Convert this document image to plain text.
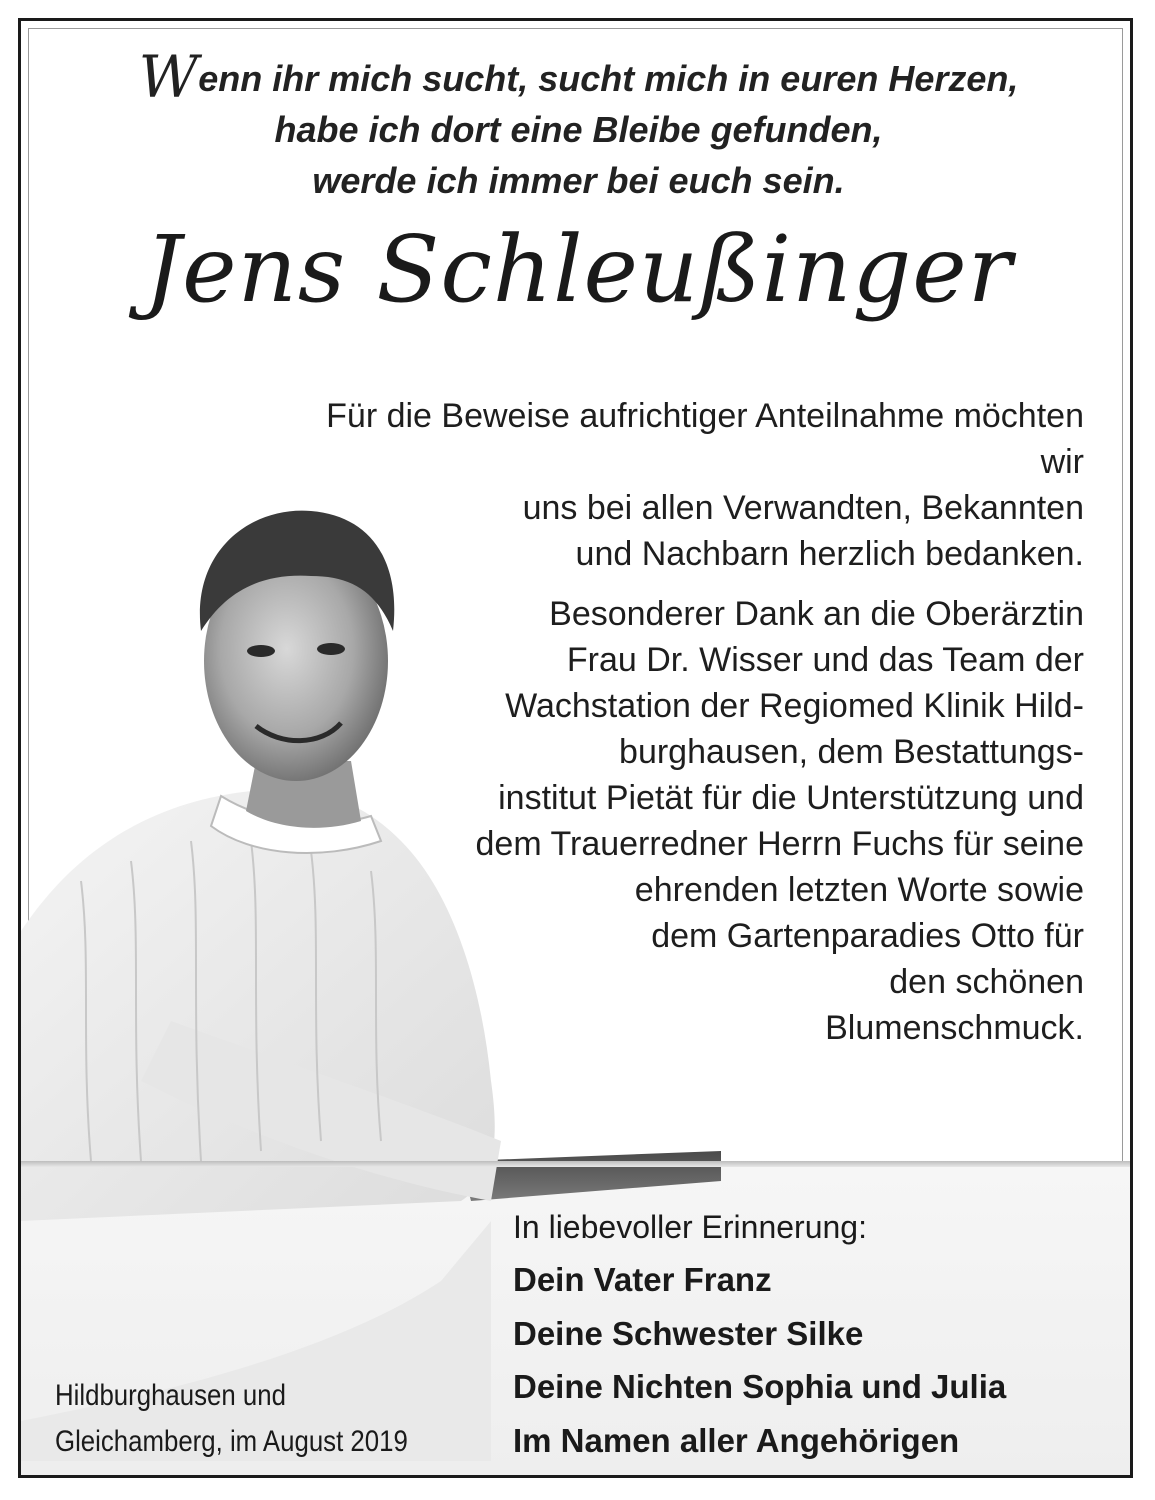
Wenn ihr mich sucht, sucht mich in euren Herzen,
habe ich dort eine Bleibe gefunden,
werde ich immer bei euch sein.
Jens Schleußinger

Für die Beweise aufrichtiger Anteilnahme möchten wir

uns bei allen Verwandten, Bekannten

und Nachbarn herzlich bedanken.

Besonderer Dank an die Oberärztin

Frau Dr. Wisser und das Team der

Wachstation der Regiomed Klinik Hild-

burghausen, dem Bestattungs-

institut Pietät für die Unterstützung und

dem Trauerredner Herrn Fuchs für seine

ehrenden letzten Worte sowie

dem Gartenparadies Otto für

den schönen

Blumenschmuck.

In liebevoller Erinnerung:
Dein Vater Franz
Deine Schwester Silke
Deine Nichten Sophia und Julia
Im Namen aller Angehörigen
Hildburghausen und
Gleichamberg, im August 2019
